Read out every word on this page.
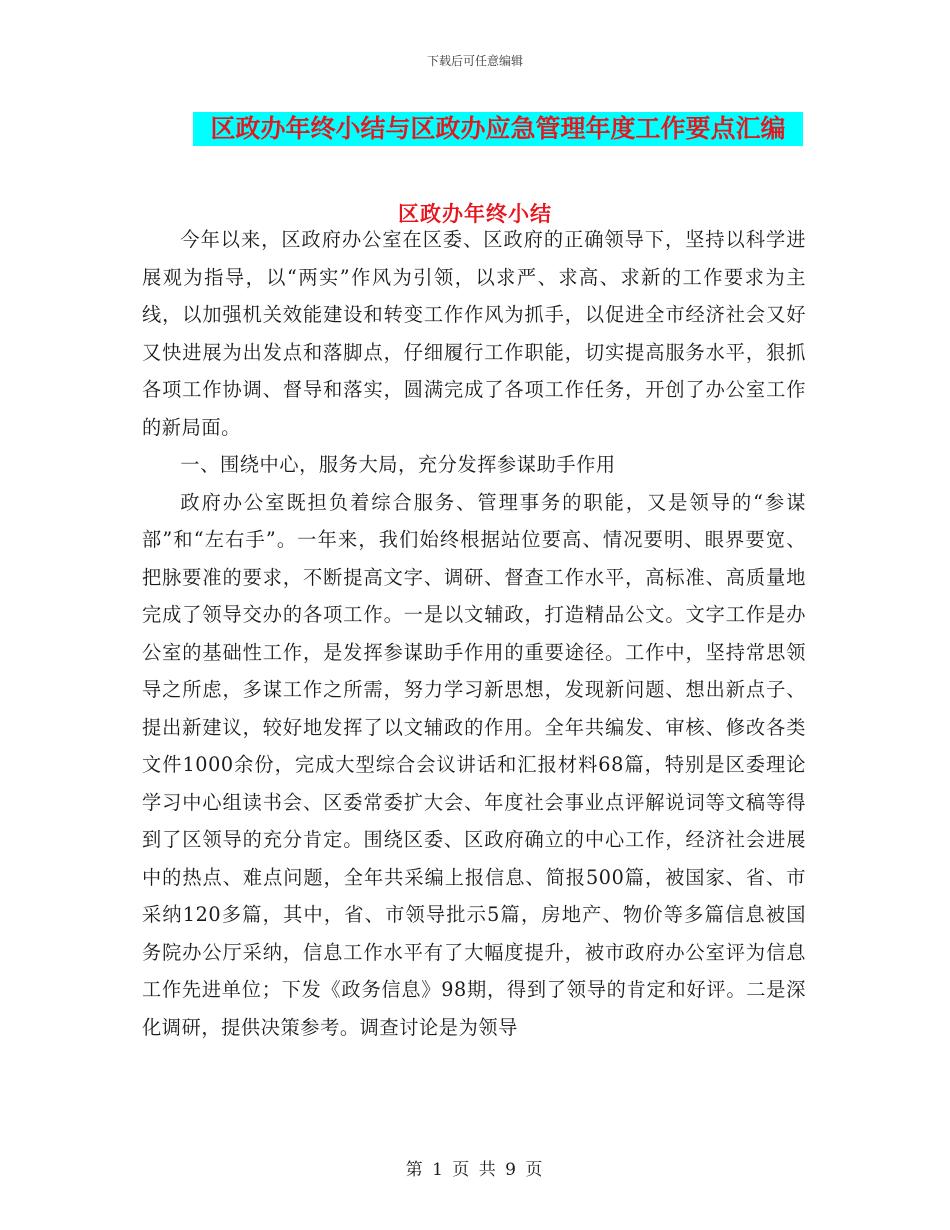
下载后可任意编辑
区政办年终小结与区政办应急管理年度工作要点汇编
区政办年终小结

今年以来，区政府办公室在区委、区政府的正确领导下，坚持以科学进展观为指导，以“两实”作风为引领，以求严、求高、求新的工作要求为主线，以加强机关效能建设和转变工作作风为抓手，以促进全市经济社会又好又快进展为出发点和落脚点，仔细履行工作职能，切实提高服务水平，狠抓各项工作协调、督导和落实，圆满完成了各项工作任务，开创了办公室工作的新局面。

一、围绕中心，服务大局，充分发挥参谋助手作用

政府办公室既担负着综合服务、管理事务的职能，又是领导的“参谋部”和“左右手”。一年来，我们始终根据站位要高、情况要明、眼界要宽、把脉要准的要求，不断提高文字、调研、督查工作水平，高标准、高质量地完成了领导交办的各项工作。一是以文辅政，打造精品公文。文字工作是办公室的基础性工作，是发挥参谋助手作用的重要途径。工作中，坚持常思领导之所虑，多谋工作之所需，努力学习新思想，发现新问题、想出新点子、提出新建议，较好地发挥了以文辅政的作用。全年共编发、审核、修改各类文件1000余份，完成大型综合会议讲话和汇报材料68篇，特别是区委理论学习中心组读书会、区委常委扩大会、年度社会事业点评解说词等文稿等得到了区领导的充分肯定。围绕区委、区政府确立的中心工作，经济社会进展中的热点、难点问题，全年共采编上报信息、简报500篇，被国家、省、市采纳120多篇，其中，省、市领导批示5篇，房地产、物价等多篇信息被国务院办公厅采纳，信息工作水平有了大幅度提升，被市政府办公室评为信息工作先进单位；下发《政务信息》98期，得到了领导的肯定和好评。二是深化调研，提供决策参考。调查讨论是为领导

第 1 页 共 9 页
